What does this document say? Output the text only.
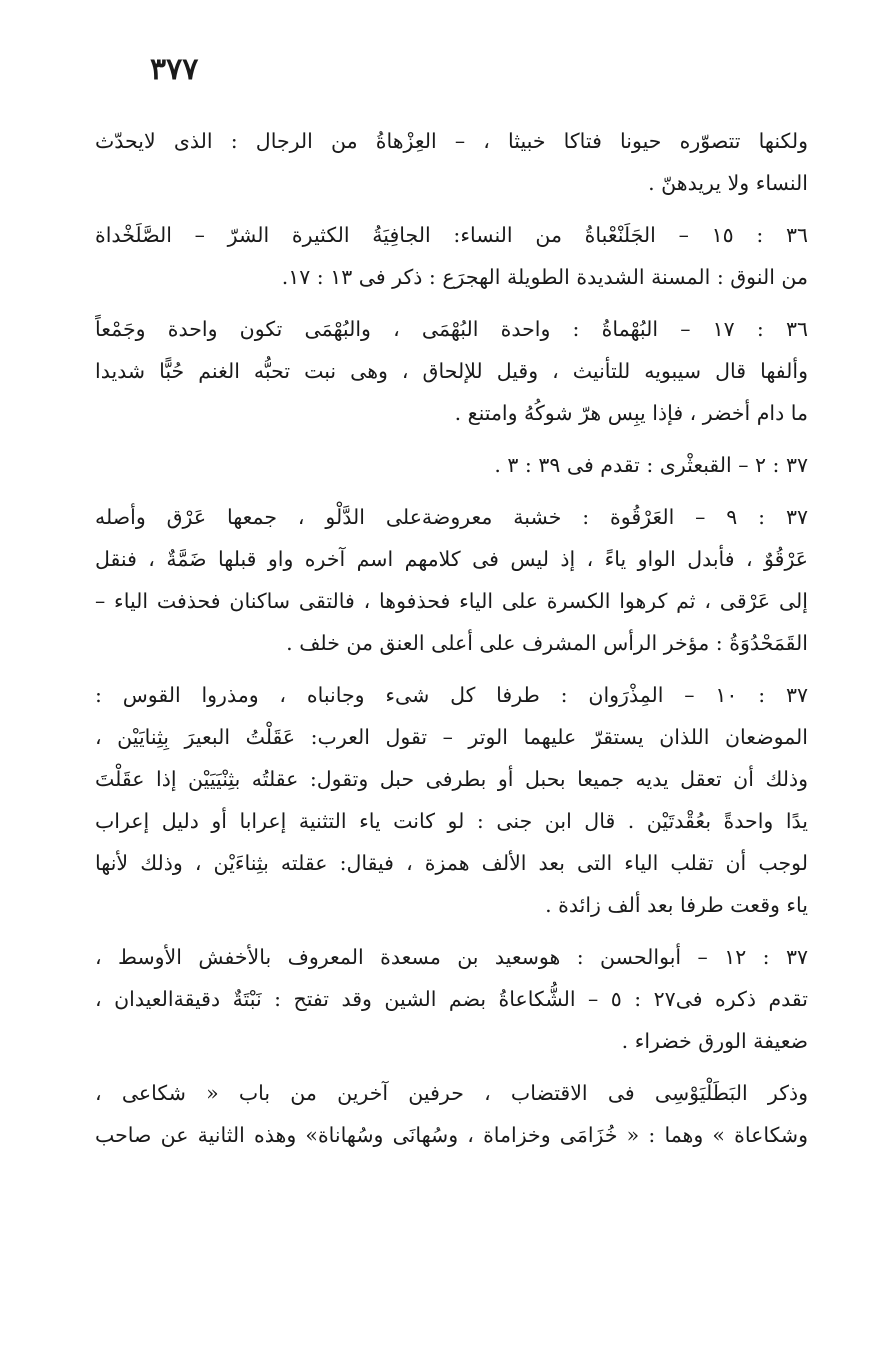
٣٧٧
ولكنها تتصوّره حيونا فتاكا خبيثا ، – العِزْهاةُ من الرجال : الذى لايحدّث
النساء ولا يريدهنّ .
٣٦ : ١٥ – الجَلَنْعْباةُ من النساء: الجافِيَةُ الكثيرة الشرّ – الصَّلَخْداة
من النوق : المسنة الشديدة الطويلة الهجرَع : ذكر فى ١٣ : ١٧.
٣٦ : ١٧ – البُهْماةُ : واحدة البُهْمَى ، والبُهْمَى تكون واحدة وجَمْعاً
وألفها قال سيبويه للتأنيث ، وقيل للإلحاق ، وهى نبت تحبُّه الغنم حُبًّا شديدا
ما دام أخضر ، فإذا يبِس هرّ شوكُهُ وامتنع .
٣٧ : ٢ – القبعثْرى : تقدم فى ٣٩ : ٣ .
٣٧ : ٩ – العَرْقُوة : خشبة معروضةعلى الدَّلْو ، جمعها عَرْق وأصله
عَرْقُوٌ ، فأبدل الواو ياءً ، إذ ليس فى كلامهم اسم آخره واو قبلها ضَمَّةٌ ، فنقل
إلى عَرْقى ، ثم كرهوا الكسرة على الياء فحذفوها ، فالتقى ساكنان فحذفت الياء –
القَمَحْدُوَةُ : مؤخر الرأس المشرف على أعلى العنق من خلف .
٣٧ : ١٠ – المِذْرَوان : طرفا كل شىء وجانباه ، ومذروا القوس :
الموضعان اللذان يستقرّ عليهما الوتر – تقول العرب: عَقَلْتُ البعيرَ بِثِنايَيْن ،
وذلك أن تعقل يديه جميعا بحبل أو بطرفى حبل وتقول: عقلتُه بثِنْيَيَيْن إذا عقَلْتَ
يدًا واحدةً بعُقْدتَيْن . قال ابن جنى : لو كانت ياء التثنية إعرابا أو دليل إعراب
لوجب أن تقلب الياء التى بعد الألف همزة ، فيقال: عقلته بثِناءَيْن ، وذلك لأنها
ياء وقعت طرفا بعد ألف زائدة .
٣٧ : ١٢ – أبوالحسن : هوسعيد بن مسعدة المعروف بالأخفش الأوسط ،
تقدم ذكره فى٢٧ : ٥ – الشُّكاعاةُ بضم الشين وقد تفتح : نَبْتَةٌ دقيقةالعيدان ،
ضعيفة الورق خضراء .
وذكر البَطَلْيَوْسِى فى الاقتضاب ، حرفين آخرين من باب « شكاعى ،
وشكاعاة » وهما : « خُزَامَى وخزاماة ، وسُهانَى وسُهاناة» وهذه الثانية عن صاحب
